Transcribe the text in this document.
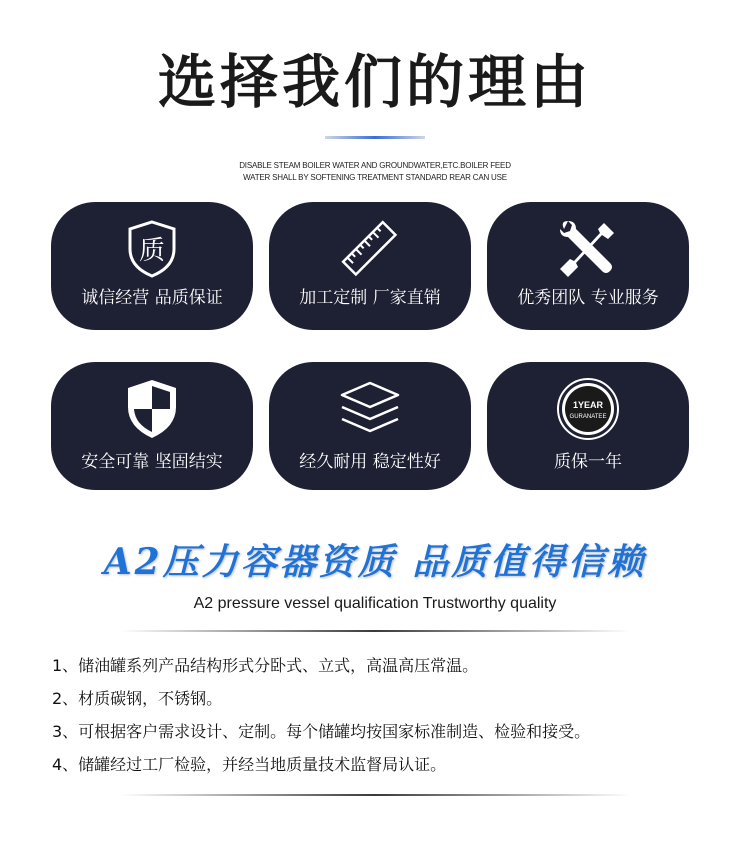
选择我们的理由
DISABLE STEAM BOILER WATER AND GROUNDWATER,ETC.BOILER FEED
WATER SHALL BY SOFTENING TREATMENT STANDARD REAR CAN USE
质
诚信经营 品质保证	加工定制 厂家直销	优秀团队 专业服务
安全可靠 坚固结实	经久耐用 稳定性好
1YEAR
GURANATEE
质保一年
A2压力容器资质 品质值得信赖
A2 pressure vessel qualification Trustworthy quality
1、储油罐系列产品结构形式分卧式、立式，高温高压常温。
2、材质碳钢，不锈钢。
3、可根据客户需求设计、定制。每个储罐均按国家标准制造、检验和接受。
4、储罐经过工厂检验，并经当地质量技术监督局认证。
